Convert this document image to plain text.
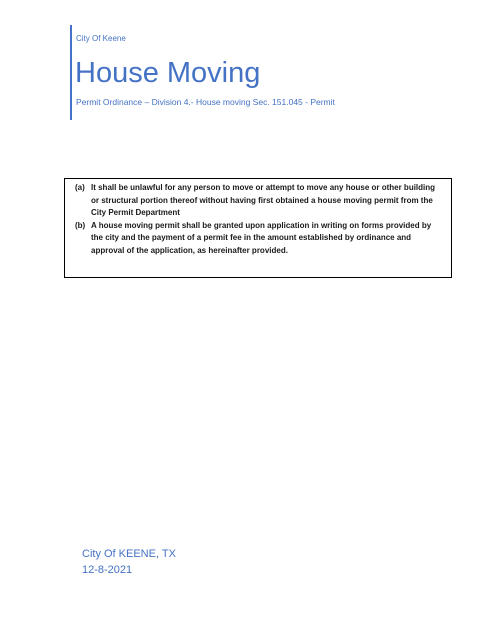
City Of Keene
House Moving
Permit Ordinance – Division 4.- House moving Sec. 151.045 - Permit
(a) It shall be unlawful for any person to move or attempt to move any house or other building or structural portion thereof without having first obtained a house moving permit from the City Permit Department
(b) A house moving permit shall be granted upon application in writing on forms provided by the city and the payment of a permit fee in the amount established by ordinance and approval of the application, as hereinafter provided.
City Of KEENE, TX
12-8-2021
